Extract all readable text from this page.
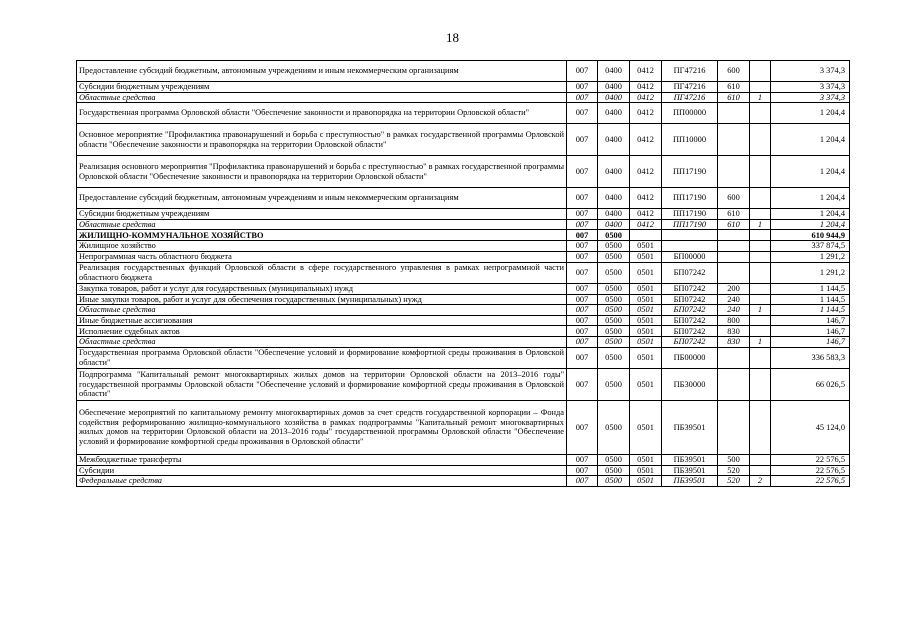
18
Предоставление субсидий бюджетным, автономным учреждениям и иным некоммерческим организациям	007	0400	0412	ПГ47216	600		3 374,3
Субсидии бюджетным учреждениям	007	0400	0412	ПГ47216	610		3 374,3
Областные средства	007	0400	0412	ПГ47216	610	1	3 374,3
Государственная программа Орловской области "Обеспечение законности и правопорядка на территории Орловской области"	007	0400	0412	ПП00000			1 204,4
Основное мероприятие "Профилактика правонарушений и борьба с преступностью" в рамках государственной программы Орловской области "Обеспечение законности и правопорядка на территории Орловской области"	007	0400	0412	ПП10000			1 204,4
Реализация основного мероприятия "Профилактика правонарушений и борьба с преступностью" в рамках государственной программы Орловской области "Обеспечение законности и правопорядка на территории Орловской области"	007	0400	0412	ПП17190			1 204,4
Предоставление субсидий бюджетным, автономным учреждениям и иным некоммерческим организациям	007	0400	0412	ПП17190	600		1 204,4
Субсидии бюджетным учреждениям	007	0400	0412	ПП17190	610		1 204,4
Областные средства	007	0400	0412	ПП17190	610	1	1 204,4
ЖИЛИЩНО-КОММУНАЛЬНОЕ ХОЗЯЙСТВО	007	0500					610 944,9
Жилищное хозяйство	007	0500	0501				337 874,5
Непрограммная часть областного бюджета	007	0500	0501	БП00000			1 291,2
Реализация государственных функций Орловской области в сфере государственного управления в рамках непрограммной части областного бюджета	007	0500	0501	БП07242			1 291,2
Закупка товаров, работ и услуг для государственных (муниципальных) нужд	007	0500	0501	БП07242	200		1 144,5
Иные закупки товаров, работ и услуг для обеспечения государственных (муниципальных) нужд	007	0500	0501	БП07242	240		1 144,5
Областные средства	007	0500	0501	БП07242	240	1	1 144,5
Иные бюджетные ассигнования	007	0500	0501	БП07242	800		146,7
Исполнение судебных актов	007	0500	0501	БП07242	830		146,7
Областные средства	007	0500	0501	БП07242	830	1	146,7
Государственная программа Орловской области "Обеспечение условий и формирование комфортной среды проживания в Орловской области"	007	0500	0501	ПБ00000			336 583,3
Подпрограмма "Капитальный ремонт многоквартирных жилых домов на территории Орловской области на 2013–2016 годы" государственной программы Орловской области "Обеспечение условий и формирование комфортной среды проживания в Орловской области"	007	0500	0501	ПБ30000			66 026,5
Обеспечение мероприятий по капитальному ремонту многоквартирных домов за счет средств государственной корпорации – Фонда содействия реформированию жилищно-коммунального хозяйства в рамках подпрограммы "Капитальный ремонт многоквартирных жилых домов на территории Орловской области на 2013–2016 годы" государственной программы Орловской области "Обеспечение условий и формирование комфортной среды проживания в Орловской области"	007	0500	0501	ПБ39501			45 124,0
Межбюджетные трансферты	007	0500	0501	ПБ39501	500		22 576,5
Субсидии	007	0500	0501	ПБ39501	520		22 576,5
Федеральные средства	007	0500	0501	ПБ39501	520	2	22 576,5
